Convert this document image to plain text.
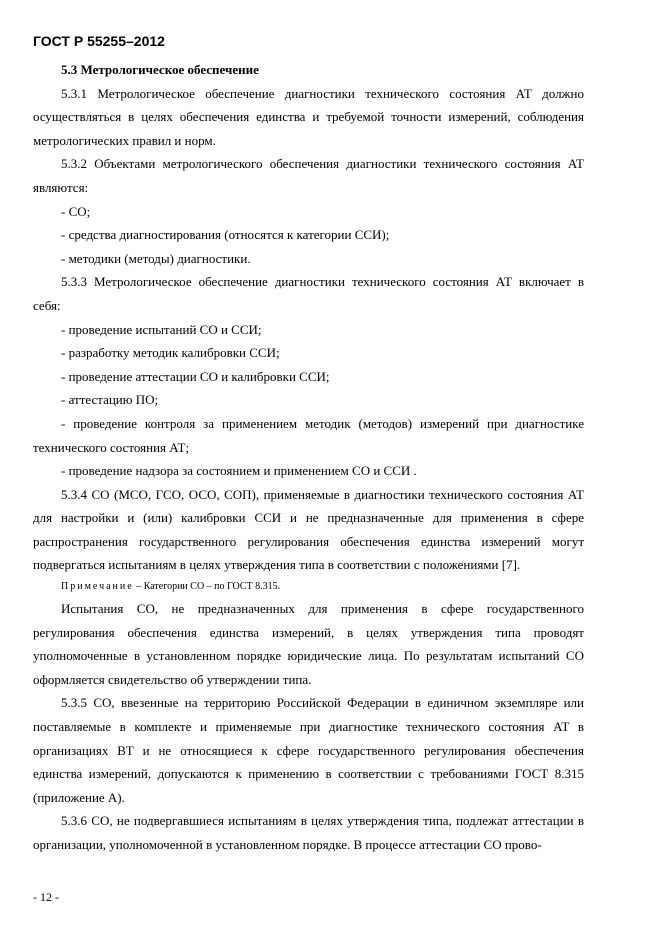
ГОСТ Р 55255–2012

5.3 Метрологическое обеспечение

5.3.1 Метрологическое обеспечение диагностики технического состояния АТ должно осуществляться в целях обеспечения единства и требуемой точности измерений, соблюдения метрологических правил и норм.

5.3.2 Объектами метрологического обеспечения диагностики технического состояния АТ являются:

- СО;

- средства диагностирования (относятся к категории ССИ);

- методики (методы) диагностики.

5.3.3 Метрологическое обеспечение диагностики технического состояния АТ включает в себя:

- проведение испытаний СО и ССИ;

- разработку методик калибровки ССИ;

- проведение аттестации СО и калибровки ССИ;

- аттестацию ПО;

- проведение контроля за применением методик (методов) измерений при диагностике технического состояния АТ;

- проведение надзора за состоянием и применением СО и ССИ .

5.3.4 СО (МСО, ГСО, ОСО, СОП), применяемые в диагностики технического состояния АТ для настройки и (или) калибровки ССИ и не предназначенные для применения в сфере распространения государственного регулирования обеспечения единства измерений могут подвергаться испытаниям в целях утверждения типа в соответствии с положениями [7].

Примечание – Категории СО – по ГОСТ 8.315.

Испытания СО, не предназначенных для применения в сфере государственного регулирования обеспечения единства измерений, в целях утверждения типа проводят уполномоченные в установленном порядке юридические лица. По результатам испытаний СО оформляется свидетельство об утверждении типа.

5.3.5 СО, ввезенные на территорию Российской Федерации в единичном экземпляре или поставляемые в комплекте и применяемые при диагностике технического состояния АТ в организациях ВТ и не относящиеся к сфере государственного регулирования обеспечения единства измерений, допускаются к применению в соответствии с требованиями ГОСТ 8.315 (приложение А).

5.3.6 СО, не подвергавшиеся испытаниям в целях утверждения типа, подлежат аттестации в организации, уполномоченной в установленном порядке. В процессе аттестации СО прово-

- 12 -
